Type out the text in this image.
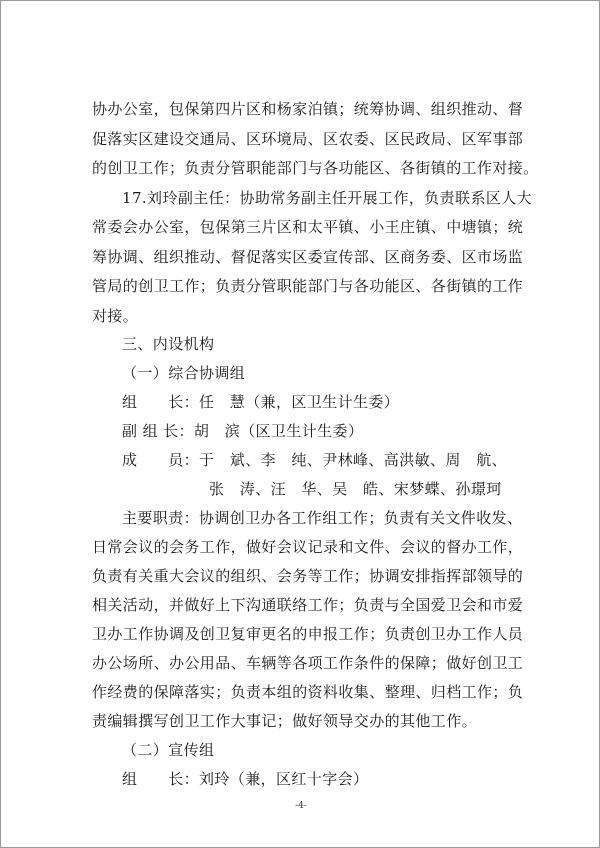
协办公室，包保第四片区和杨家泊镇；统筹协调、组织推动、督
促落实区建设交通局、区环境局、区农委、区民政局、区军事部
的创卫工作；负责分管职能部门与各功能区、各街镇的工作对接。
17.刘玲副主任：协助常务副主任开展工作，负责联系区人大
常委会办公室，包保第三片区和太平镇、小王庄镇、中塘镇；统
筹协调、组织推动、督促落实区委宣传部、区商务委、区市场监
管局的创卫工作；负责分管职能部门与各功能区、各街镇的工作
对接。
三、内设机构
（一）综合协调组
组　　长：任　慧（兼，区卫生计生委）
副 组 长：胡　滨（区卫生计生委）
成　　员：于　斌、李　纯、尹林峰、高洪敏、周　航、
张　涛、汪　华、吴　皓、宋梦蝶、孙璟珂
主要职责：协调创卫办各工作组工作；负责有关文件收发、
日常会议的会务工作，做好会议记录和文件、会议的督办工作，
负责有关重大会议的组织、会务等工作；协调安排指挥部领导的
相关活动，并做好上下沟通联络工作；负责与全国爱卫会和市爱
卫办工作协调及创卫复审更名的申报工作；负责创卫办工作人员
办公场所、办公用品、车辆等各项工作条件的保障；做好创卫工
作经费的保障落实；负责本组的资料收集、整理、归档工作；负
责编辑撰写创卫工作大事记；做好领导交办的其他工作。
（二）宣传组
组　　长：刘玲（兼，区红十字会）
-4-
